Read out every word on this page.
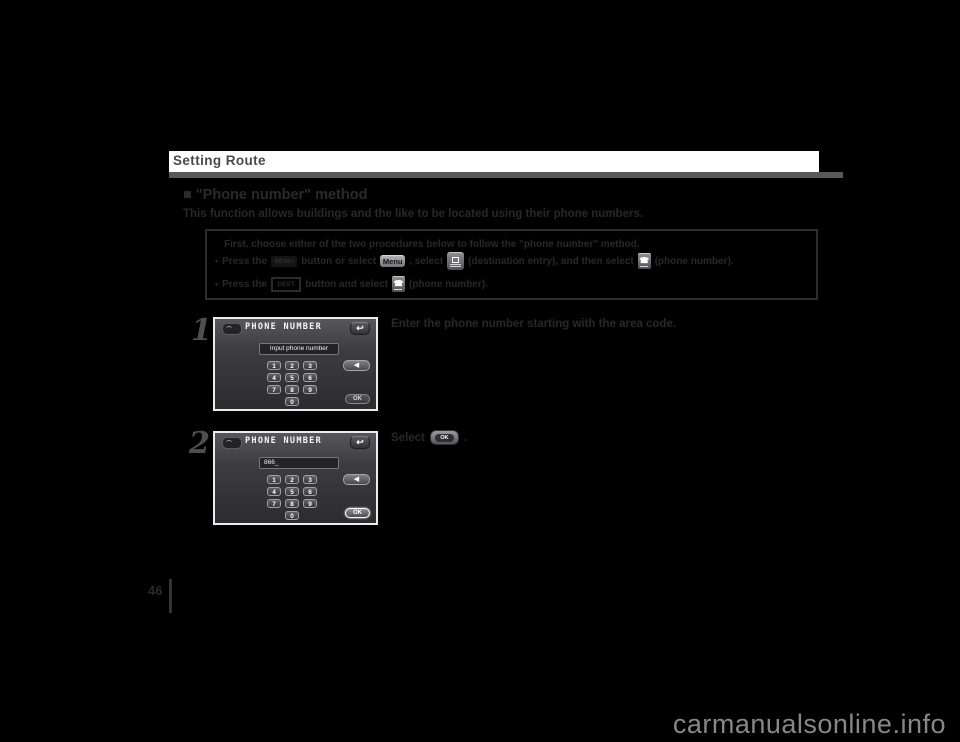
Setting Route
■ "Phone number" method
This function allows buildings and the like to be located using their phone numbers.
First, choose either of the two procedures below to follow the "phone number" method.
• Press the	MENU button or select Menu , select	(destination entry), and then select ☎ (phone number).
• Press the	DEST	button and select ☎ (phone number).
1	PHONE NUMBER	↩
Input phone number
1	2	3
4	5	6
7	8	9
0
◀
OK
Enter the phone number starting with the area code.
2	PHONE NUMBER	↩
866_
1	2	3
4	5	6
7	8	9
0
◀
OK
Select	OK	.
46
carmanualsonline.info
